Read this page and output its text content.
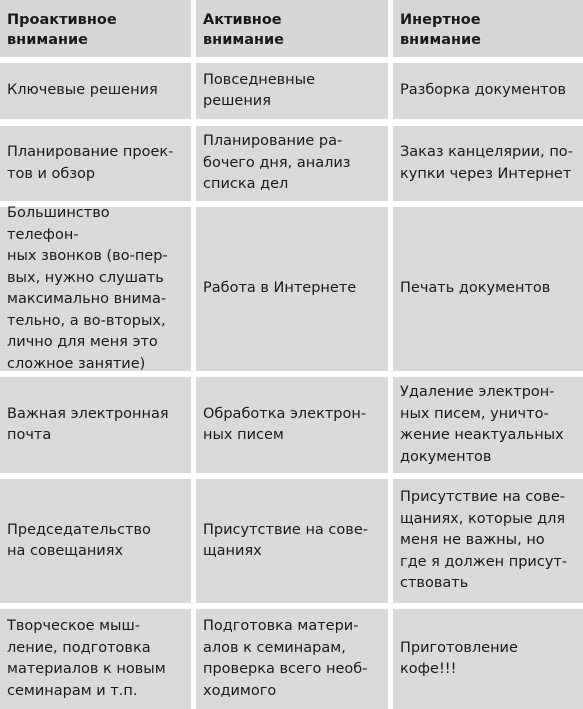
Проактивное
внимание
Активное
внимание
Инертное
внимание
Ключевые решения
Повседневные
решения
Разборка документов
Планирование проек-
тов и обзор
Планирование ра-
бочего дня, анализ
списка дел
Заказ канцелярии, по-
купки через Интернет
Большинство телефон-
ных звонков (во-пер-
вых, нужно слушать
максимально внима-
тельно, а во-вторых,
лично для меня это
сложное занятие)
Работа в Интернете	Печать документов
Важная электронная
почта
Обработка электрон-
ных писем
Удаление электрон-
ных писем, уничто-
жение неактуальных
документов
Председательство
на совещаниях
Присутствие на сове-
щаниях
Присутствие на сове-
щаниях, которые для
меня не важны, но
где я должен присут-
ствовать
Творческое мыш-
ление, подготовка
материалов к новым
семинарам и т.п.
Подготовка матери-
алов к семинарам,
проверка всего необ-
ходимого
Приготовление
кофе!!!
